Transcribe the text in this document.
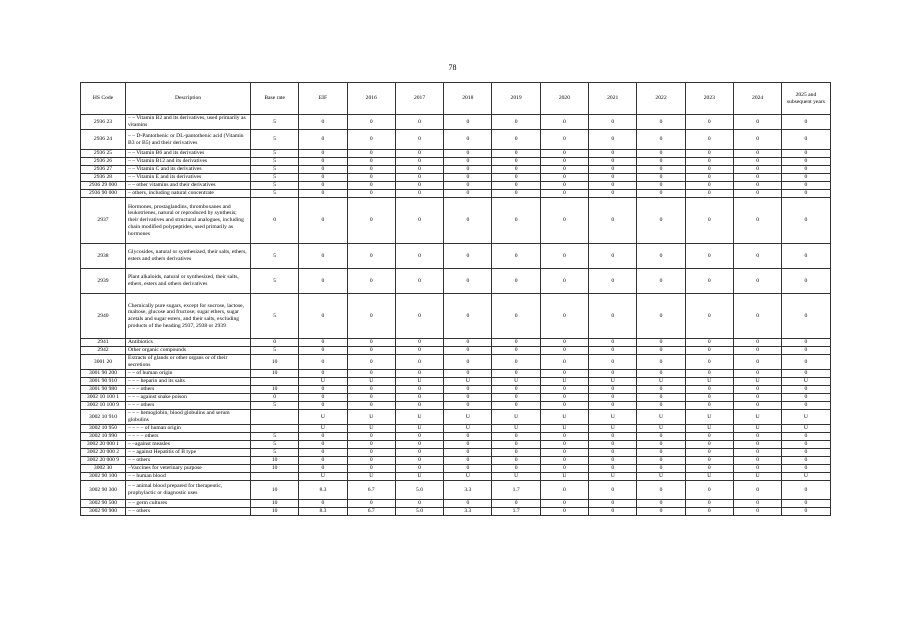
78
HS Code	Description	Base rate	EIF	2016	2017	2018	2019	2020	2021	2022	2023	2024	2025 and subsequent years
2936 23	– – Vitamin B2 and its derivatives, used primarily as vitamins	5	0	0	0	0	0	0	0	0	0	0	0
2936 24	– – D-Pantothenic or DL-pantothenic acid (Vitamin B3 or B5) and their derivatives	5	0	0	0	0	0	0	0	0	0	0	0
2936 25	– – Vitamin B6 and its derivatives	5	0	0	0	0	0	0	0	0	0	0	0
2936 26	– – Vitamin B12 and its derivatives	5	0	0	0	0	0	0	0	0	0	0	0
2936 27	– – Vitamin C and its derivatives	5	0	0	0	0	0	0	0	0	0	0	0
2936 28	– – Vitamin E and its derivatives	5	0	0	0	0	0	0	0	0	0	0	0
2936 29 000	– – other vitamins and their derivatives	5	0	0	0	0	0	0	0	0	0	0	0
2936 90 000	– others, including natural concentrate	5	0	0	0	0	0	0	0	0	0	0	0
2937	Hormones, prostaglandins, thromboxanes and leukotrienes, natural or reproduced by synthesis; their derivatives and structural analogues, including chain modified polypeptides, used primarily as hormones	0	0	0	0	0	0	0	0	0	0	0	0
2938	Glycosides, natural or synthesized, their salts, ethers, esters and others derivatives	5	0	0	0	0	0	0	0	0	0	0	0
2939	Plant alkaloids, natural or synthesized, their salts, ethers, esters and others derivatives	5	0	0	0	0	0	0	0	0	0	0	0
2940	Chemically pure sugars, except for sucrose, lactose, maltose, glucose and fructose; sugar ethers, sugar acetals and sugar esters, and their salts, excluding products of the heading 2937, 2938 or 2939	5	0	0	0	0	0	0	0	0	0	0	0
2941	Antibiotics	0	0	0	0	0	0	0	0	0	0	0	0
2942	Other organic compounds	5	0	0	0	0	0	0	0	0	0	0	0
3001 20	Extracts of glands or other organs or of their secretions	10	0	0	0	0	0	0	0	0	0	0	0
3001 90 200	– – of human origin	10	0	0	0	0	0	0	0	0	0	0	0
3001 90 910	– – – heparin and its salts		U	U	U	U	U	U	U	U	U	U	U
3001 90 980	– – – others	10	0	0	0	0	0	0	0	0	0	0	0
3002 10 100 1	– – – against snake poison	0	0	0	0	0	0	0	0	0	0	0	0
3002 10 100 9	– – – others	5	0	0	0	0	0	0	0	0	0	0	0
3002 10 910	– – – hemoglobin, blood globulins and serum globulins		U	U	U	U	U	U	U	U	U	U	U
3002 10 950	– – – – of human origin		U	U	U	U	U	U	U	U	U	U	U
3002 10 990	– – – – others	5	0	0	0	0	0	0	0	0	0	0	0
3002 20 000 1	– –against measles	5	0	0	0	0	0	0	0	0	0	0	0
3002 20 000 2	– – against Hepatitis of B type	5	0	0	0	0	0	0	0	0	0	0	0
3002 20 000 9	– – others	10	0	0	0	0	0	0	0	0	0	0	0
3002 30	–Vaccines for veterinary purpose	10	0	0	0	0	0	0	0	0	0	0	0
3002 90 100	– – human blood		U	U	U	U	U	U	U	U	U	U	U
3002 90 300	– – animal blood prepared for therapeutic, prophylactic or diagnostic uses	10	8.3	6.7	5.0	3.3	1.7	0	0	0	0	0	0
3002 90 500	– – germ cultures	10	0	0	0	0	0	0	0	0	0	0	0
3002 90 900	– – others	10	8.3	6.7	5.0	3.3	1.7	0	0	0	0	0	0
